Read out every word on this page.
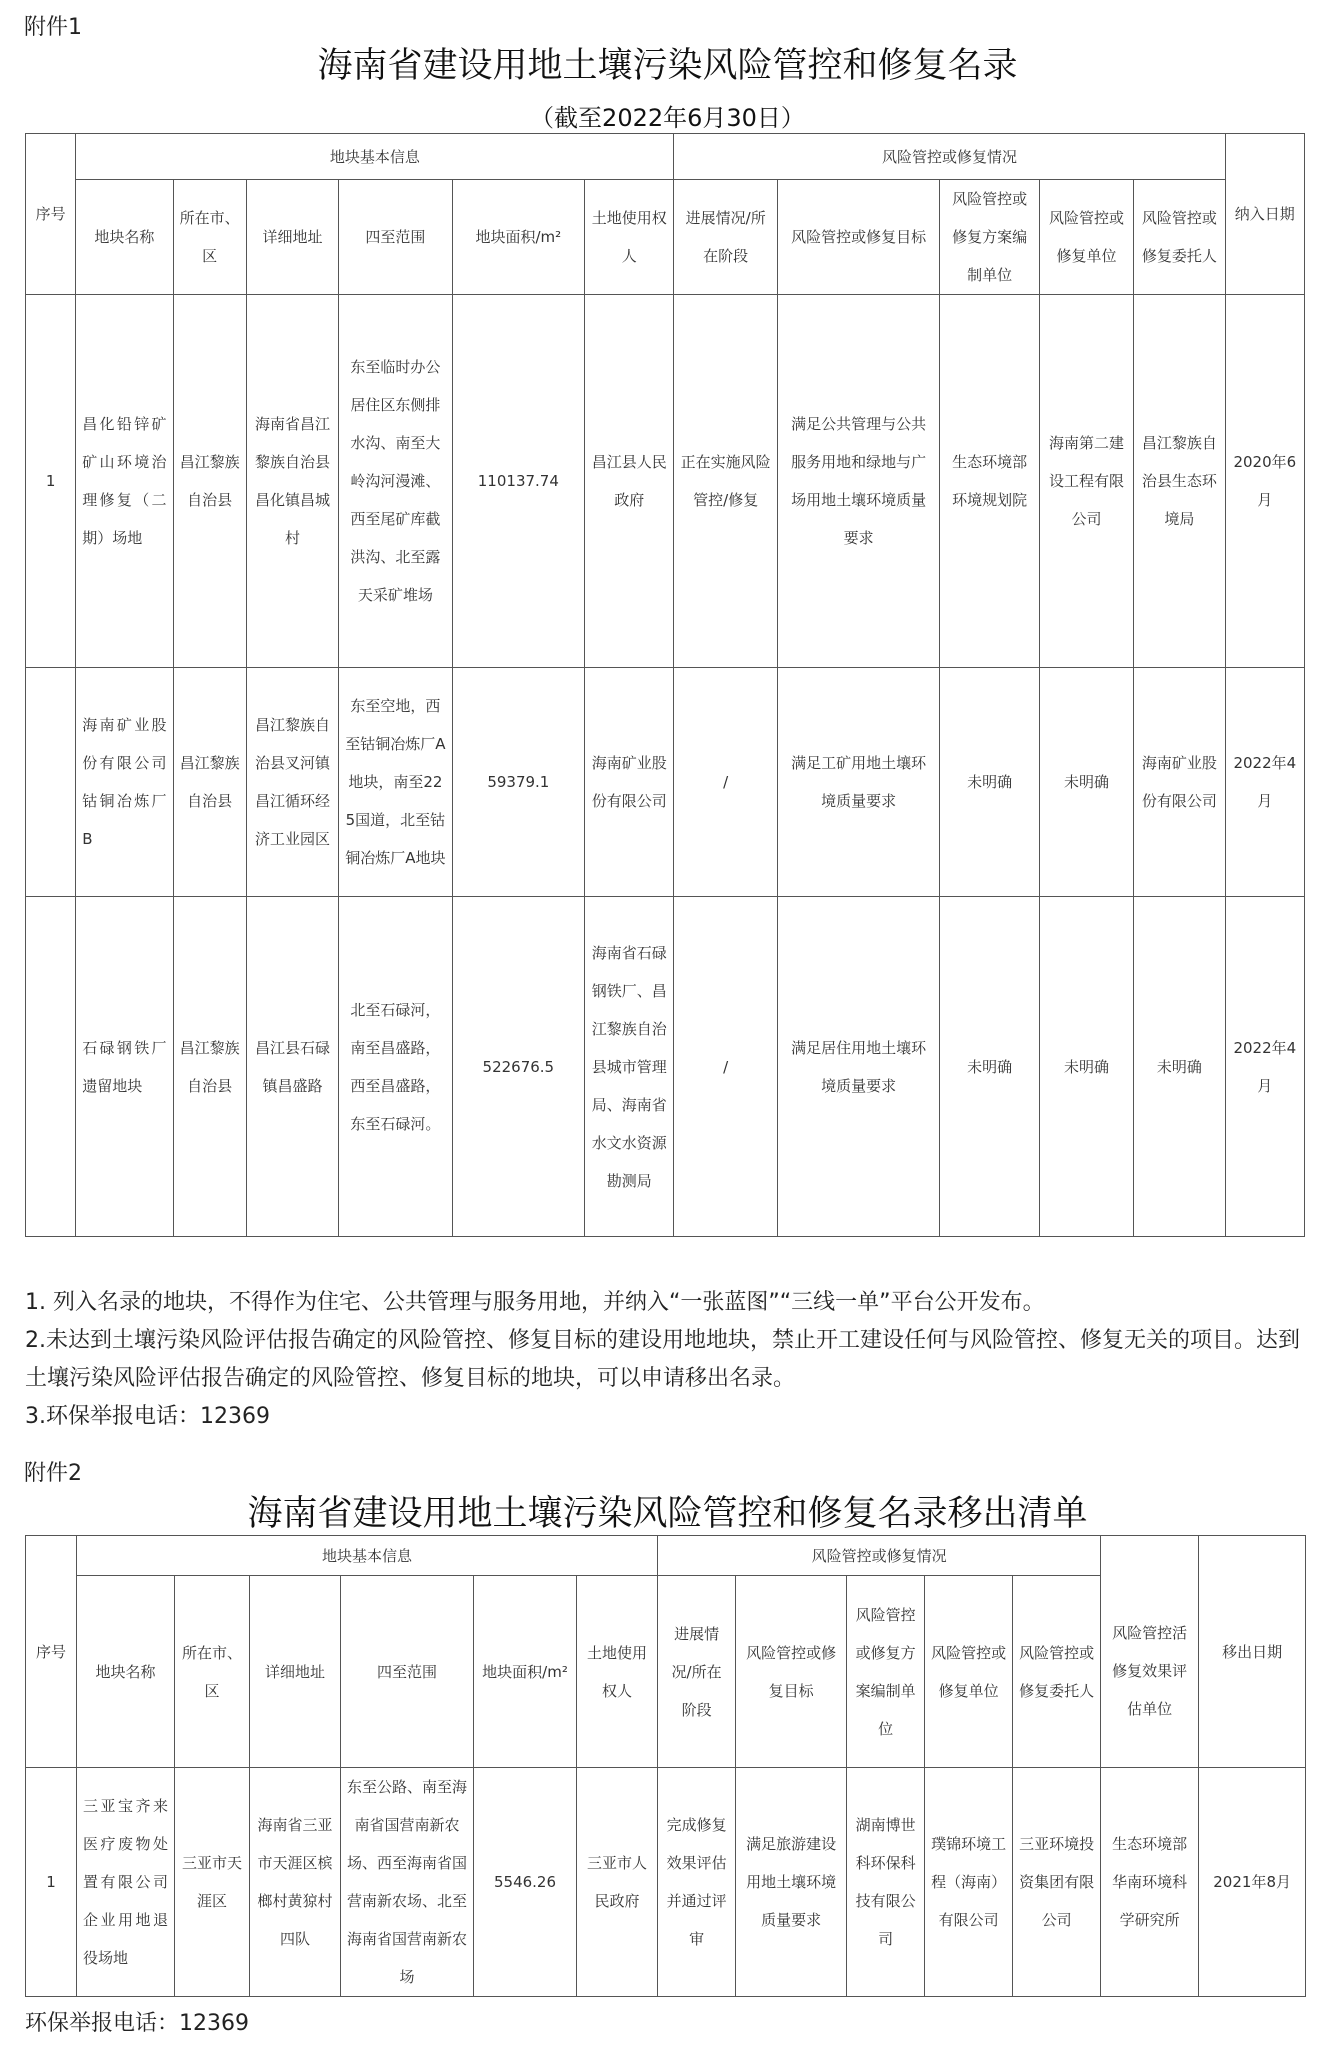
附件1
海南省建设用地土壤污染风险管控和修复名录
（截至2022年6月30日）
序号	地块基本信息						风险管控或修复情况					纳入日期
	地块名称	所在市、区	详细地址	四至范围	地块面积/m²	土地使用权人	进展情况/所在阶段	风险管控或修复目标	风险管控或修复方案编制单位	风险管控或修复单位	风险管控或修复委托人	
1	昌化铅锌矿矿山环境治理修复（二期）场地	昌江黎族自治县	海南省昌江黎族自治县昌化镇昌城村	东至临时办公居住区东侧排水沟、南至大岭沟河漫滩、西至尾矿库截洪沟、北至露天采矿堆场	110137.74	昌江县人民政府	正在实施风险管控/修复	满足公共管理与公共服务用地和绿地与广场用地土壤环境质量要求	生态环境部环境规划院	海南第二建设工程有限公司	昌江黎族自治县生态环境局	2020年6月
	海南矿业股份有限公司钴铜冶炼厂B	昌江黎族自治县	昌江黎族自治县叉河镇昌江循环经济工业园区	东至空地，西至钴铜冶炼厂A地块，南至225国道，北至钴铜冶炼厂A地块	59379.1	海南矿业股份有限公司	/	满足工矿用地土壤环境质量要求	未明确	未明确	海南矿业股份有限公司	2022年4月
	石碌钢铁厂遗留地块	昌江黎族自治县	昌江县石碌镇昌盛路	北至石碌河，南至昌盛路，西至昌盛路，东至石碌河。	522676.5	海南省石碌钢铁厂、昌江黎族自治县城市管理局、海南省水文水资源勘测局	/	满足居住用地土壤环境质量要求	未明确	未明确	未明确	2022年4月
1. 列入名录的地块，不得作为住宅、公共管理与服务用地，并纳入“一张蓝图”“三线一单”平台公开发布。
2.未达到土壤污染风险评估报告确定的风险管控、修复目标的建设用地地块，禁止开工建设任何与风险管控、修复无关的项目。达到土壤污染风险评估报告确定的风险管控、修复目标的地块，可以申请移出名录。
3.环保举报电话：12369
附件2
海南省建设用地土壤污染风险管控和修复名录移出清单
序号	地块基本信息						风险管控或修复情况						移出日期
	地块名称	所在市、区	详细地址	四至范围	地块面积/m²	土地使用权人	进展情况/所在阶段	风险管控或修复目标	风险管控或修复方案编制单位	风险管控或修复单位	风险管控或修复委托人	风险管控活修复效果评估单位	
1	三亚宝齐来医疗废物处置有限公司企业用地退役场地	三亚市天涯区	海南省三亚市天涯区槟榔村黄猄村四队	东至公路、南至海南省国营南新农场、西至海南省国营南新农场、北至海南省国营南新农场	5546.26	三亚市人民政府	完成修复效果评估并通过评审	满足旅游建设用地土壤环境质量要求	湖南博世科环保科技有限公司	璞锦环境工程（海南）有限公司	三亚环境投资集团有限公司	生态环境部华南环境科学研究所	2021年8月
环保举报电话：12369
